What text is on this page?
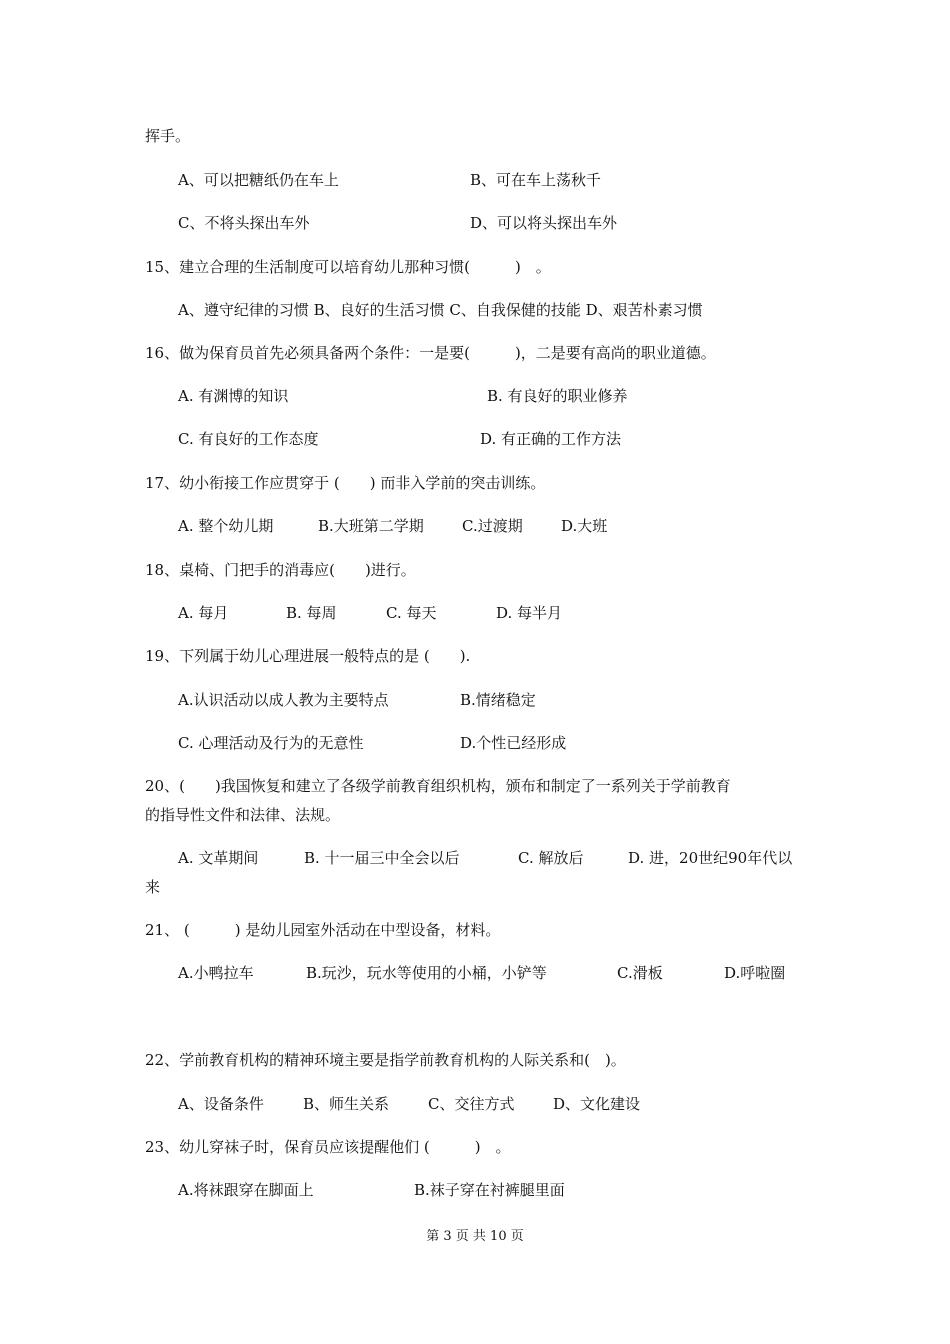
挥手。
A、可以把糖纸仍在车上	B、可在车上荡秋千
C、不将头探出车外	D、可以将头探出车外
15、建立合理的生活制度可以培育幼儿那种习惯(　　　)　。
A、遵守纪律的习惯 B、良好的生活习惯 C、自我保健的技能 D、艰苦朴素习惯
16、做为保育员首先必须具备两个条件：一是要(　　　)，二是要有高尚的职业道德。
A. 有渊博的知识	B. 有良好的职业修养
C. 有良好的工作态度	D. 有正确的工作方法
17、幼小衔接工作应贯穿于 (　　) 而非入学前的突击训练。
A. 整个幼儿期	B.大班第二学期	C.过渡期	D.大班
18、桌椅、门把手的消毒应(　　)进行。
A. 每月	B. 每周	C. 每天	D. 每半月
19、下列属于幼儿心理进展一般特点的是 (　　).
A.认识活动以成人教为主要特点	B.情绪稳定
C. 心理活动及行为的无意性	D.个性已经形成
20、(　　)我国恢复和建立了各级学前教育组织机构，颁布和制定了一系列关于学前教育
的指导性文件和法律、法规。
A. 文革期间	B. 十一届三中全会以后	C. 解放后	D. 进，20世纪90年代以
来
21、 (　　　) 是幼儿园室外活动在中型设备，材料。
A.小鸭拉车	B.玩沙，玩水等使用的小桶，小铲等	C.滑板	D.呼啦圈
22、学前教育机构的精神环境主要是指学前教育机构的人际关系和(　)。
A、设备条件	B、师生关系	C、交往方式	D、文化建设
23、幼儿穿袜子时，保育员应该提醒他们 (　　　)　。
A.将袜跟穿在脚面上	B.袜子穿在衬裤腿里面
第 3 页 共 10 页
